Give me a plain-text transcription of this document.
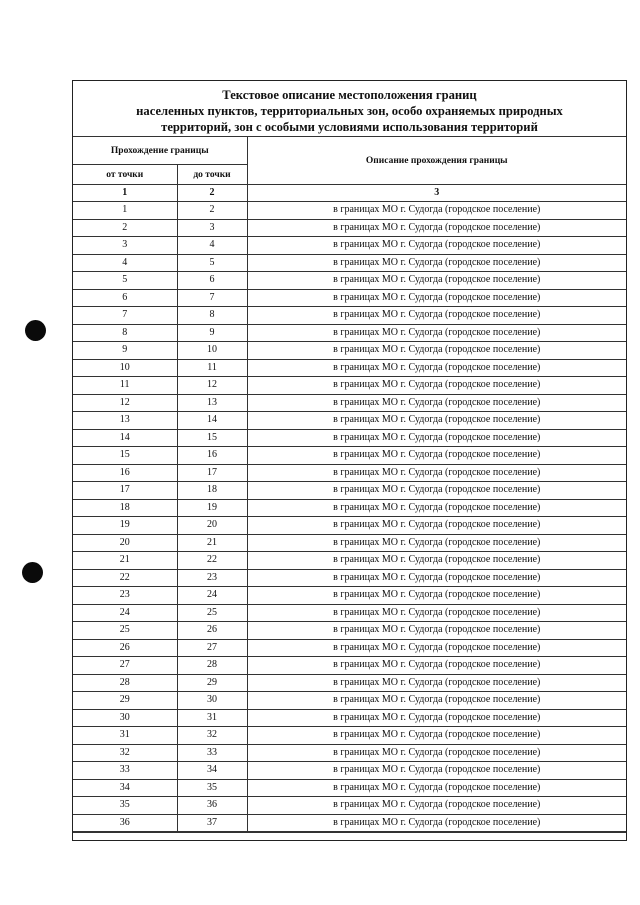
Текстовое описание местоположения границ
населенных пунктов, территориальных зон, особо охраняемых природных
территорий, зон с особыми условиями использования территорий
Прохождение границы		Описание прохождения границы
от точки	до точки	
1	2	3
1	2	в границах МО г. Судогда (городское поселение)
2	3	в границах МО г. Судогда (городское поселение)
3	4	в границах МО г. Судогда (городское поселение)
4	5	в границах МО г. Судогда (городское поселение)
5	6	в границах МО г. Судогда (городское поселение)
6	7	в границах МО г. Судогда (городское поселение)
7	8	в границах МО г. Судогда (городское поселение)
8	9	в границах МО г. Судогда (городское поселение)
9	10	в границах МО г. Судогда (городское поселение)
10	11	в границах МО г. Судогда (городское поселение)
11	12	в границах МО г. Судогда (городское поселение)
12	13	в границах МО г. Судогда (городское поселение)
13	14	в границах МО г. Судогда (городское поселение)
14	15	в границах МО г. Судогда (городское поселение)
15	16	в границах МО г. Судогда (городское поселение)
16	17	в границах МО г. Судогда (городское поселение)
17	18	в границах МО г. Судогда (городское поселение)
18	19	в границах МО г. Судогда (городское поселение)
19	20	в границах МО г. Судогда (городское поселение)
20	21	в границах МО г. Судогда (городское поселение)
21	22	в границах МО г. Судогда (городское поселение)
22	23	в границах МО г. Судогда (городское поселение)
23	24	в границах МО г. Судогда (городское поселение)
24	25	в границах МО г. Судогда (городское поселение)
25	26	в границах МО г. Судогда (городское поселение)
26	27	в границах МО г. Судогда (городское поселение)
27	28	в границах МО г. Судогда (городское поселение)
28	29	в границах МО г. Судогда (городское поселение)
29	30	в границах МО г. Судогда (городское поселение)
30	31	в границах МО г. Судогда (городское поселение)
31	32	в границах МО г. Судогда (городское поселение)
32	33	в границах МО г. Судогда (городское поселение)
33	34	в границах МО г. Судогда (городское поселение)
34	35	в границах МО г. Судогда (городское поселение)
35	36	в границах МО г. Судогда (городское поселение)
36	37	в границах МО г. Судогда (городское поселение)
